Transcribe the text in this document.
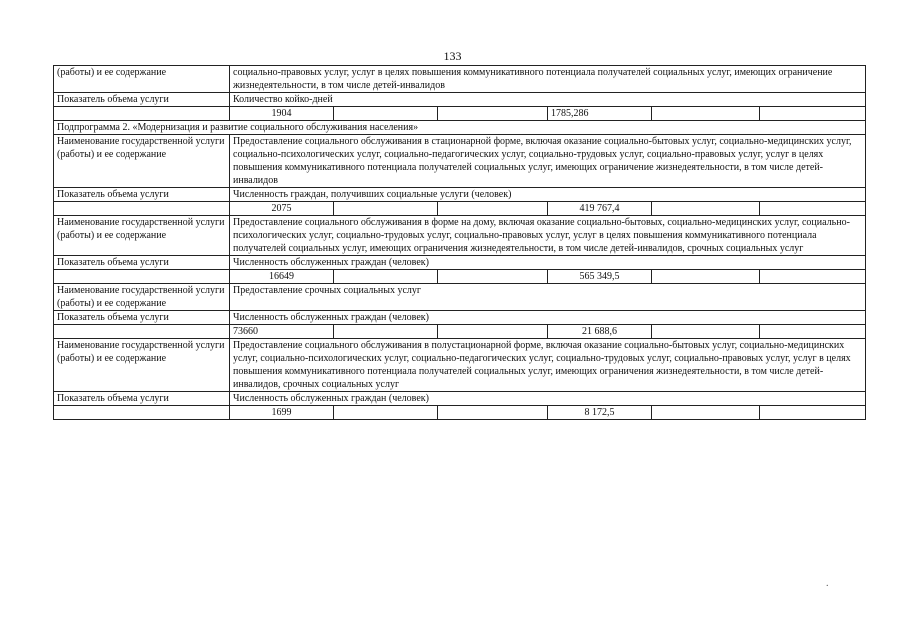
133
(работы) и ее содержание	социально-правовых услуг, услуг в целях повышения коммуникативного потенциала получателей социальных услуг, имеющих ограничение жизнедеятельности, в том числе детей-инвалидов					
Показатель объема услуги	Количество койко-дней					
	1904			1785,286		
Подпрограмма 2. «Модернизация и развитие социального обслуживания населения»						
Наименование государственной услуги (работы) и ее содержание	Предоставление социального обслуживания в стационарной форме, включая оказание социально-бытовых услуг, социально-медицинских услуг, социально-психологических услуг, социально-педагогических услуг, социально-трудовых услуг, социально-правовых услуг, услуг в целях повышения коммуникативного потенциала получателей социальных услуг, имеющих ограничение жизнедеятельности, в том числе детей-инвалидов					
Показатель объема услуги	Численность граждан, получивших социальные услуги (человек)					
	2075			419 767,4		
Наименование государственной услуги (работы) и ее содержание	Предоставление социального обслуживания в форме на дому, включая оказание социально-бытовых, социально-медицинских услуг, социально-психологических услуг, социально-трудовых услуг, социально-правовых услуг, услуг в целях повышения коммуникативного потенциала получателей социальных услуг, имеющих ограничения жизнедеятельности, в том числе детей-инвалидов, срочных социальных услуг					
Показатель объема услуги	Численность обслуженных граждан (человек)					
	16649			565 349,5		
Наименование государственной услуги (работы) и ее содержание	Предоставление срочных социальных услуг					
Показатель объема услуги	Численность обслуженных граждан (человек)					
	73660			21 688,6		
Наименование государственной услуги (работы) и ее содержание	Предоставление социального обслуживания в полустационарной форме, включая оказание социально-бытовых услуг, социально-медицинских услуг, социально-психологических услуг, социально-педагогических услуг, социально-трудовых услуг, социально-правовых услуг, услуг в целях повышения коммуникативного потенциала получателей социальных услуг, имеющих ограничения жизнедеятельности, в том числе детей-инвалидов, срочных социальных услуг					
Показатель объема услуги	Численность обслуженных граждан (человек)					
	1699			8 172,5		
.
